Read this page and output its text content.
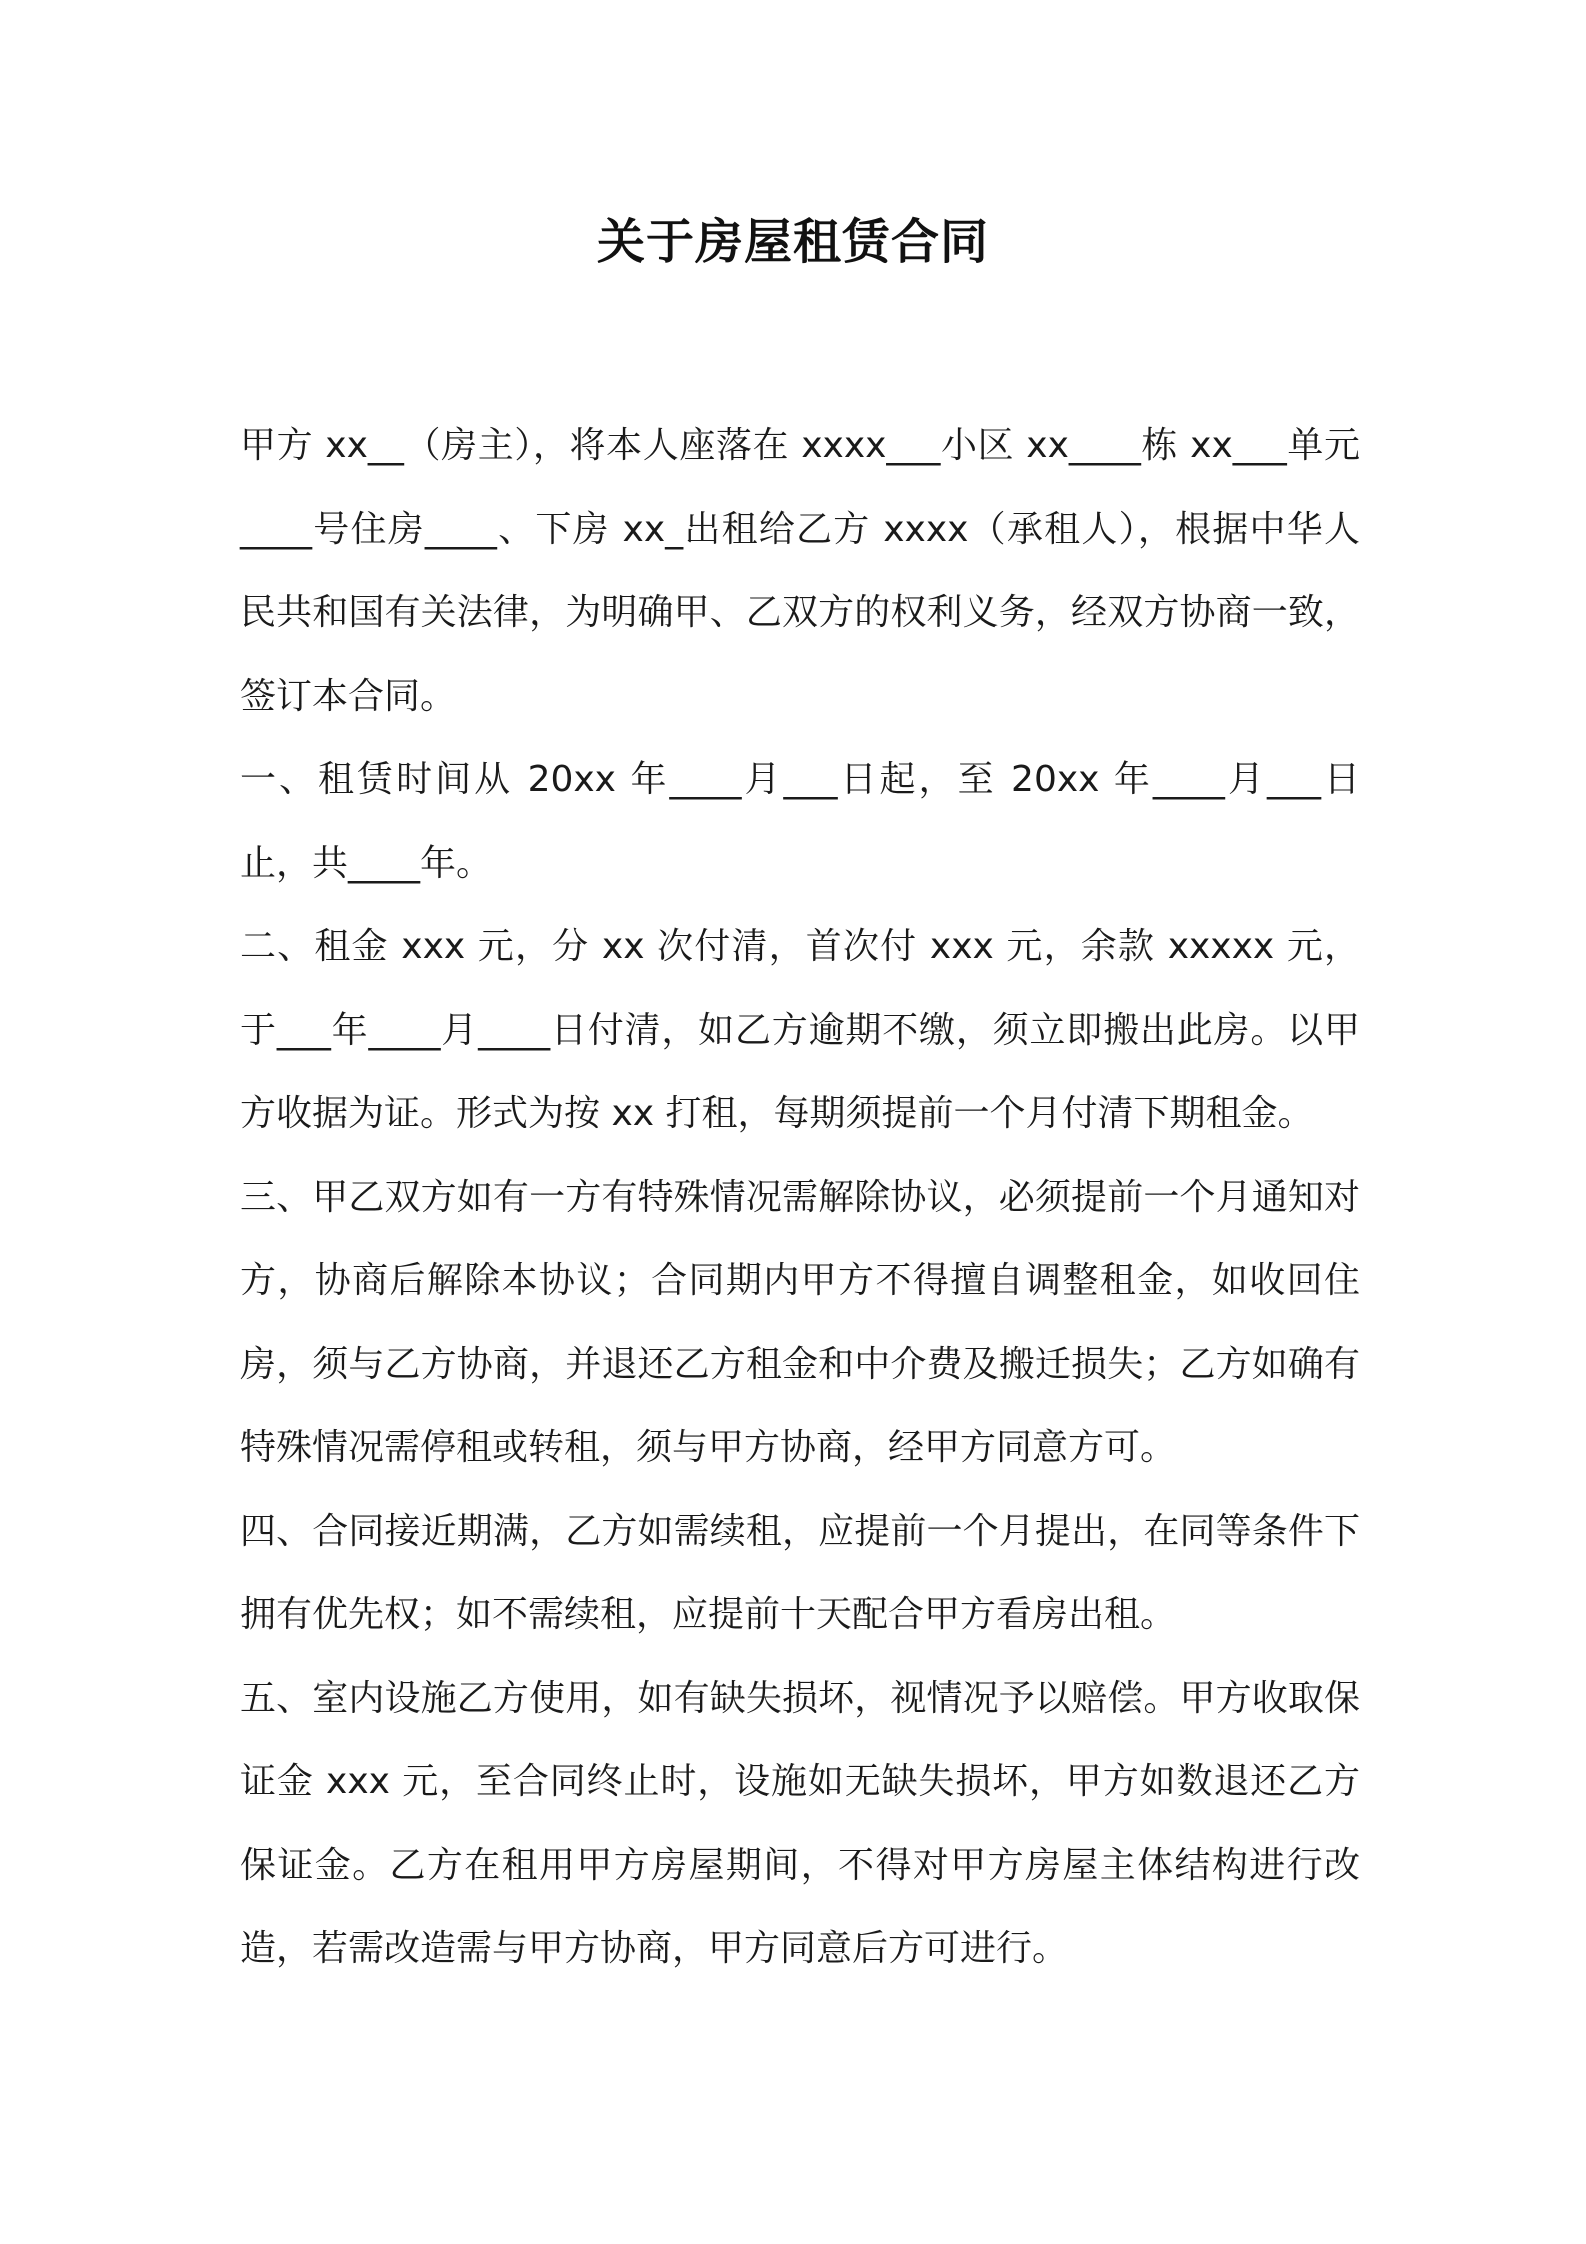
关于房屋租赁合同

甲方 xx__（房主），将本人座落在 xxxx___小区 xx____栋 xx___单元____号住房____、下房 xx_出租给乙方 xxxx（承租人），根据中华人民共和国有关法律，为明确甲、乙双方的权利义务，经双方协商一致，签订本合同。

一、租赁时间从 20xx 年____月___日起，至 20xx 年____月___日止，共____年。

二、租金 xxx 元，分 xx 次付清，首次付 xxx 元，余款 xxxxx 元，于___年____月____日付清，如乙方逾期不缴，须立即搬出此房。以甲方收据为证。形式为按 xx 打租，每期须提前一个月付清下期租金。

三、甲乙双方如有一方有特殊情况需解除协议，必须提前一个月通知对方，协商后解除本协议；合同期内甲方不得擅自调整租金，如收回住房，须与乙方协商，并退还乙方租金和中介费及搬迁损失；乙方如确有特殊情况需停租或转租，须与甲方协商，经甲方同意方可。

四、合同接近期满，乙方如需续租，应提前一个月提出，在同等条件下拥有优先权；如不需续租，应提前十天配合甲方看房出租。

五、室内设施乙方使用，如有缺失损坏，视情况予以赔偿。甲方收取保证金 xxx 元，至合同终止时，设施如无缺失损坏，甲方如数退还乙方保证金。乙方在租用甲方房屋期间，不得对甲方房屋主体结构进行改造，若需改造需与甲方协商，甲方同意后方可进行。
